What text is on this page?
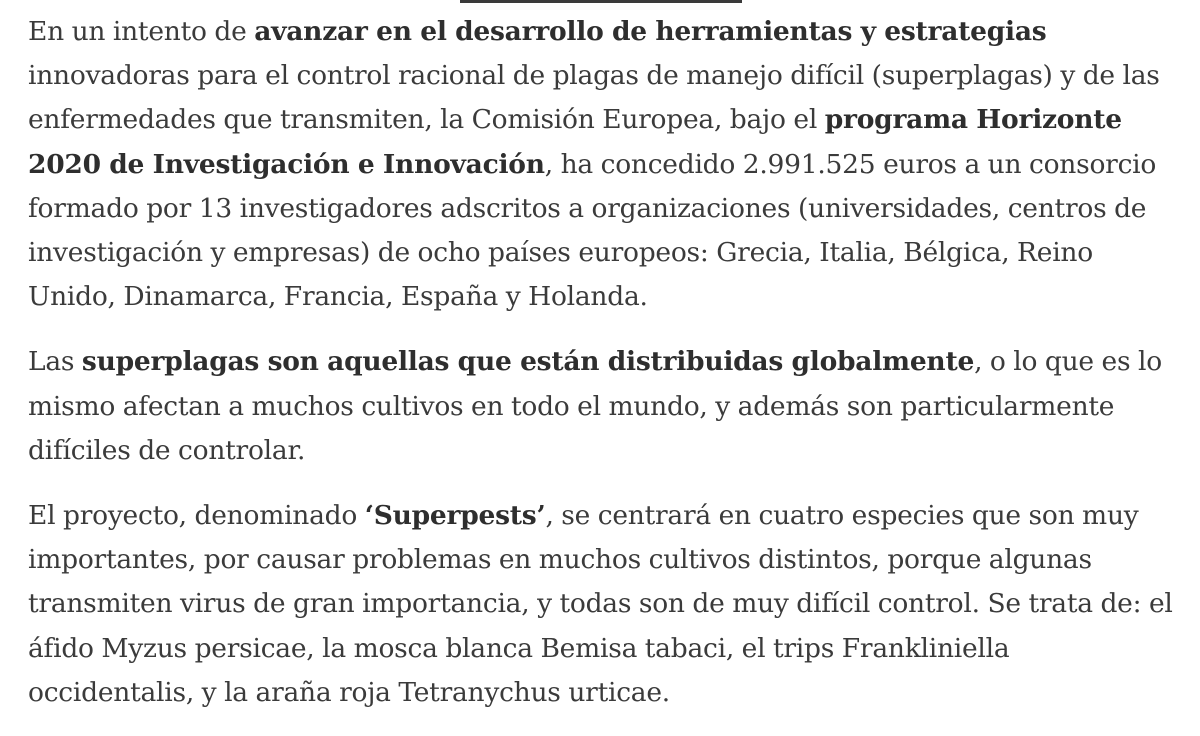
En un intento de avanzar en el desarrollo de herramientas y estrategias innovadoras para el control racional de plagas de manejo difícil (superplagas) y de las enfermedades que transmiten, la Comisión Europea, bajo el programa Horizonte 2020 de Investigación e Innovación, ha concedido 2.991.525 euros a un consorcio formado por 13 investigadores adscritos a organizaciones (universidades, centros de investigación y empresas) de ocho países europeos: Grecia, Italia, Bélgica, Reino Unido, Dinamarca, Francia, España y Holanda.

Las superplagas son aquellas que están distribuidas globalmente, o lo que es lo mismo afectan a muchos cultivos en todo el mundo, y además son particularmente difíciles de controlar.

El proyecto, denominado ‘Superpests’, se centrará en cuatro especies que son muy importantes, por causar problemas en muchos cultivos distintos, porque algunas transmiten virus de gran importancia, y todas son de muy difícil control. Se trata de: el áfido Myzus persicae, la mosca blanca Bemisa tabaci, el trips Frankliniella occidentalis, y la araña roja Tetranychus urticae.
